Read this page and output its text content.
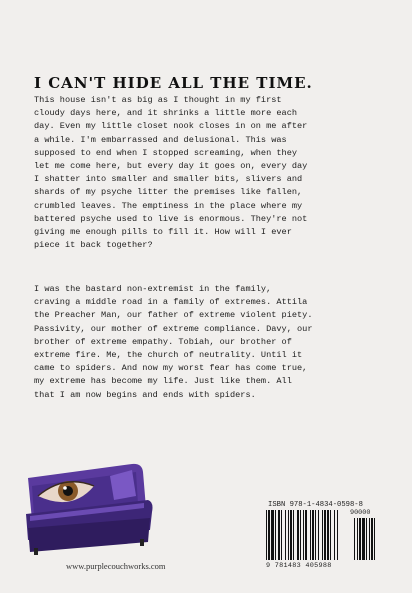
I CAN'T HIDE ALL THE TIME.
This house isn't as big as I thought in my first
cloudy days here, and it shrinks a little more each
day. Even my little closet nook closes in on me after
a while. I'm embarrassed and delusional. This was
supposed to end when I stopped screaming, when they
let me come here, but every day it goes on, every day
I shatter into smaller and smaller bits, slivers and
shards of my psyche litter the premises like fallen,
crumbled leaves. The emptiness in the place where my
battered psyche used to live is enormous. They're not
giving me enough pills to fill it. How will I ever
piece it back together?
I was the bastard non-extremist in the family,
craving a middle road in a family of extremes. Attila
the Preacher Man, our father of extreme violent piety.
Passivity, our mother of extreme compliance. Davy, our
brother of extreme empathy. Tobiah, our brother of
extreme fire. Me, the church of neutrality. Until it
came to spiders. And now my worst fear has come true,
my extreme has become my life. Just like them. All
that I am now begins and ends with spiders.
www.purplecouchworks.com
ISBN 978-1-4834-0598-8
9 781483 405988
90000
